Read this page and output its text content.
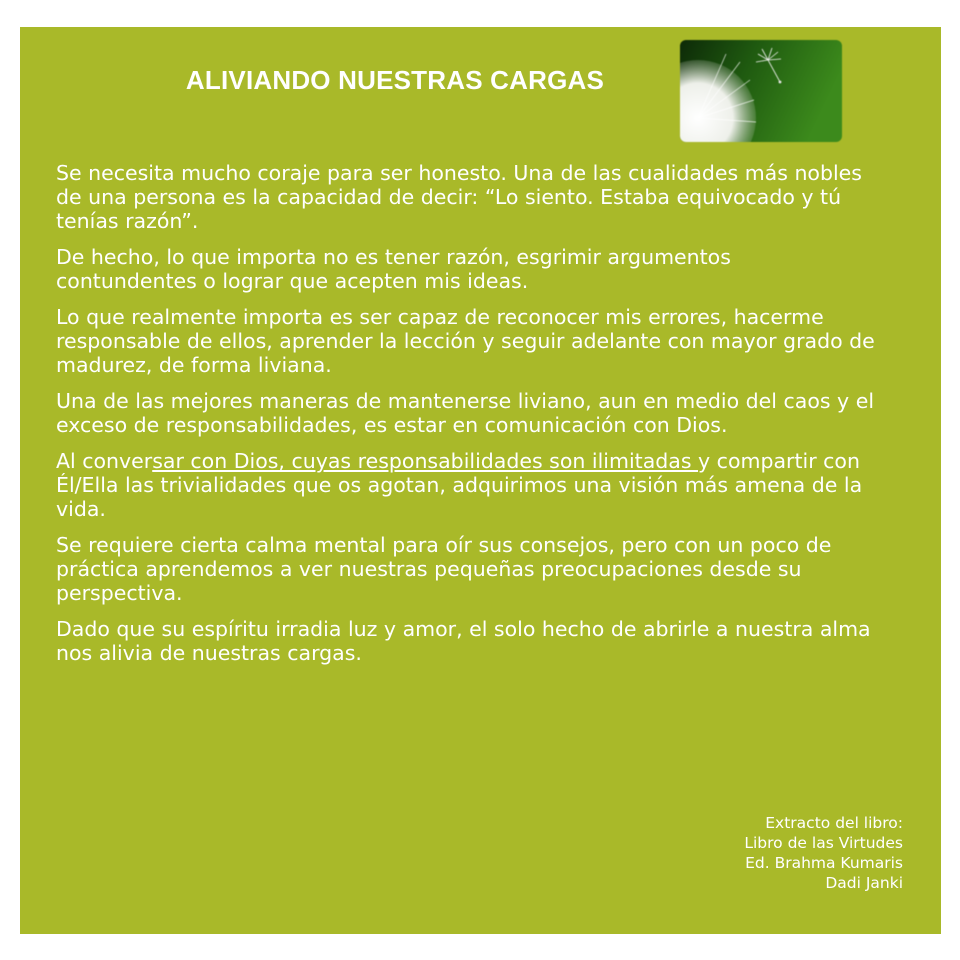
ALIVIANDO NUESTRAS CARGAS

Se necesita mucho coraje para ser honesto. Una de las cualidades más nobles de una persona es la capacidad de decir: “Lo siento. Estaba equivocado y tú tenías razón”.

De hecho, lo que importa no es tener razón, esgrimir argumentos contundentes o lograr que acepten mis ideas.

Lo que realmente importa es ser capaz de reconocer mis errores, hacerme responsable de ellos, aprender la lección y seguir adelante con mayor grado de madurez, de forma liviana.

Una de las mejores maneras de mantenerse liviano, aun en medio del caos y el exceso de responsabilidades, es estar en comunicación con Dios.

Al conversar con Dios, cuyas responsabilidades son ilimitadas y compartir con Él/Ella las trivialidades que os agotan, adquirimos una visión más amena de la vida.

Se requiere cierta calma mental para oír sus consejos, pero con un poco de práctica aprendemos a ver nuestras pequeñas preocupaciones desde su perspectiva.

Dado que su espíritu irradia luz y amor, el solo hecho de abrirle a nuestra alma nos alivia de nuestras cargas.

Extracto del libro:
Libro de las Virtudes
Ed. Brahma Kumaris
Dadi Janki
